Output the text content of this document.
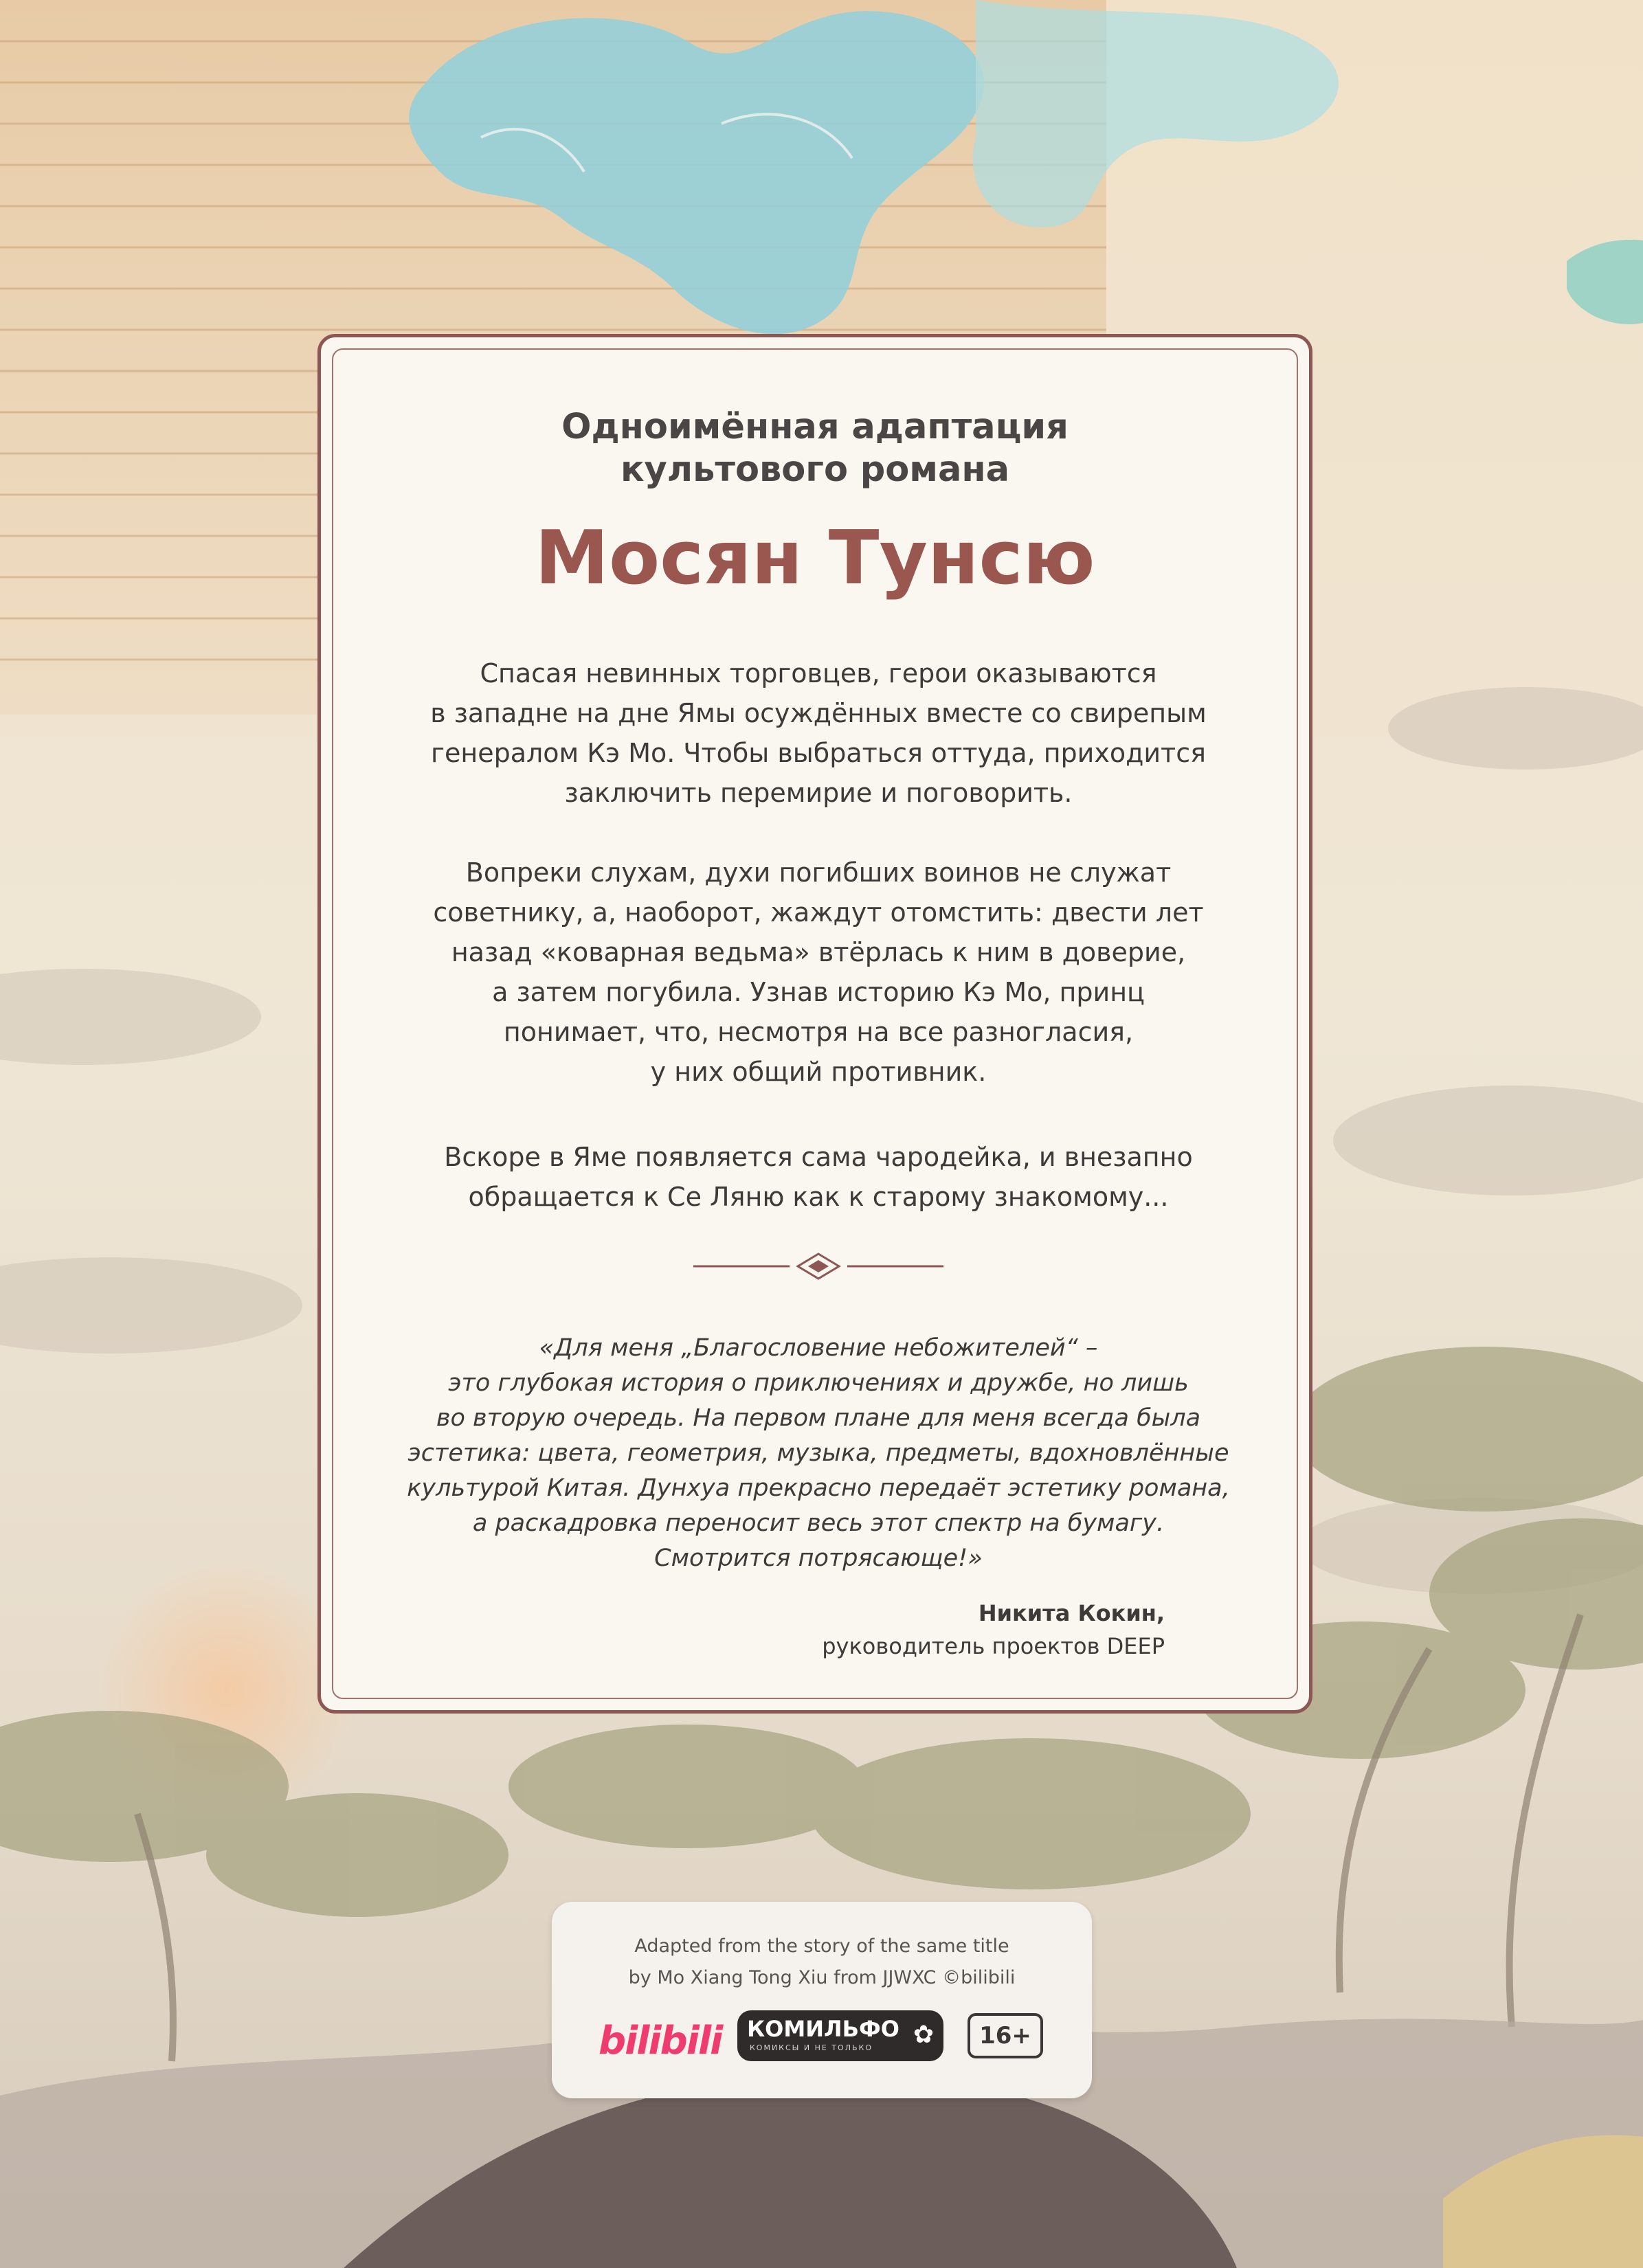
Одноимённая адаптация
культового романа
Мосян Тунсю
Спасая невинных торговцев, герои оказываются
в западне на дне Ямы осуждённых вместе со свирепым
генералом Кэ Мо. Чтобы выбраться оттуда, приходится
заключить перемирие и поговорить.
Вопреки слухам, духи погибших воинов не служат
советнику, а, наоборот, жаждут отомстить: двести лет
назад «коварная ведьма» втёрлась к ним в доверие,
а затем погубила. Узнав историю Кэ Мо, принц
понимает, что, несмотря на все разногласия,
у них общий противник.
Вскоре в Яме появляется сама чародейка, и внезапно
обращается к Се Ляню как к старому знакомому...
«Для меня „Благословение небожителей“ –
это глубокая история о приключениях и дружбе, но лишь
во вторую очередь. На первом плане для меня всегда была
эстетика: цвета, геометрия, музыка, предметы, вдохновлённые
культурой Китая. Дунхуа прекрасно передаёт эстетику романа,
а раскадровка переносит весь этот спектр на бумагу.
Смотрится потрясающе!»
Никита Кокин,
руководитель проектов DEEP
Adapted from the story of the same title
by Mo Xiang Tong Xiu from JJWXC ©bilibili
bilibili КОМИЛЬФО
КОМИКСЫ И НЕ ТОЛЬКО ✿	16+
